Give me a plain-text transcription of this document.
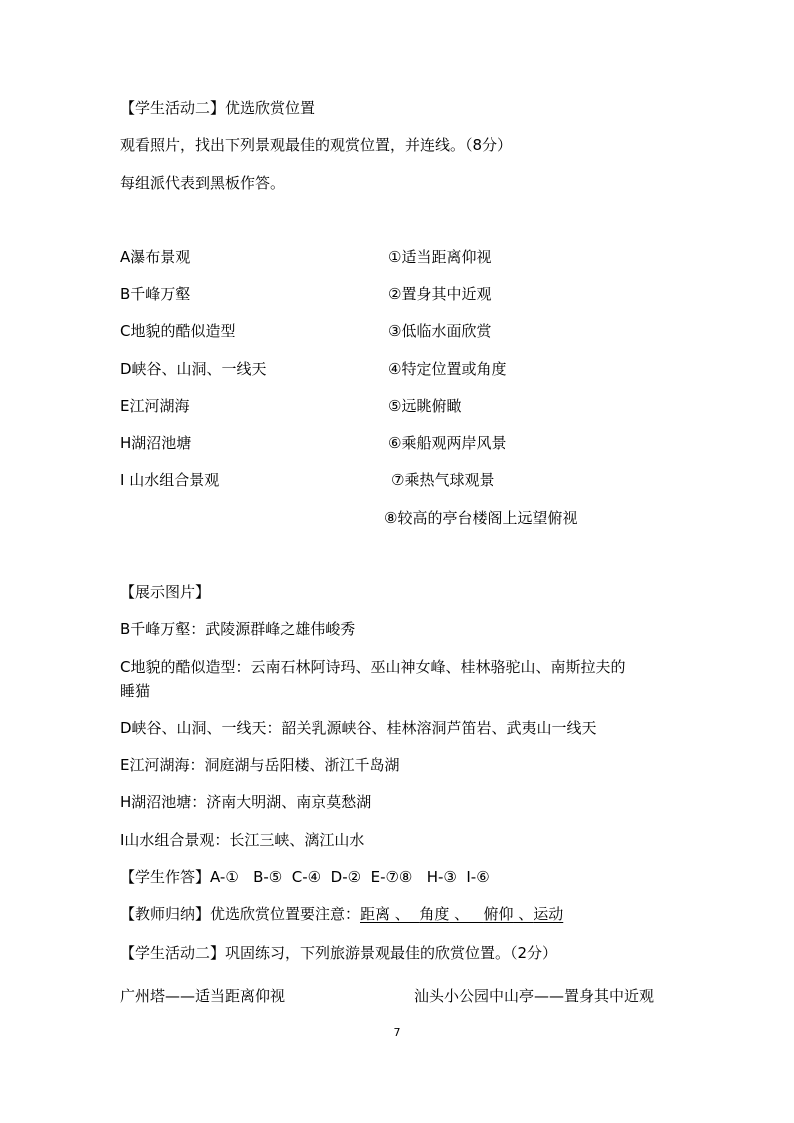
【学生活动二】优选欣赏位置
观看照片，找出下列景观最佳的观赏位置，并连线。（8分）
每组派代表到黑板作答。
A瀑布景观
B千峰万壑
C地貌的酷似造型
D峡谷、山洞、一线天
E江河湖海
H湖沼池塘
I 山水组合景观
①适当距离仰视
②置身其中近观
③低临水面欣赏
④特定位置或角度
⑤远眺俯瞰
⑥乘船观两岸风景
⑦乘热气球观景
⑧较高的亭台楼阁上远望俯视
【展示图片】
B千峰万壑：武陵源群峰之雄伟峻秀
C地貌的酷似造型：云南石林阿诗玛、巫山神女峰、桂林骆驼山、南斯拉夫的
睡猫
D峡谷、山洞、一线天：韶关乳源峡谷、桂林溶洞芦笛岩、武夷山一线天
E江河湖海：洞庭湖与岳阳楼、浙江千岛湖
H湖沼池塘：济南大明湖、南京莫愁湖
I山水组合景观：长江三峡、漓江山水
【学生作答】A-①   B-⑤  C-④  D-②  E-⑦⑧   H-③  I-⑥
【教师归纳】优选欣赏位置要注意：距离 、  角度 、   俯仰 、运动
【学生活动二】巩固练习，下列旅游景观最佳的欣赏位置。（2分）
广州塔——适当距离仰视	汕头小公园中山亭——置身其中近观
7
